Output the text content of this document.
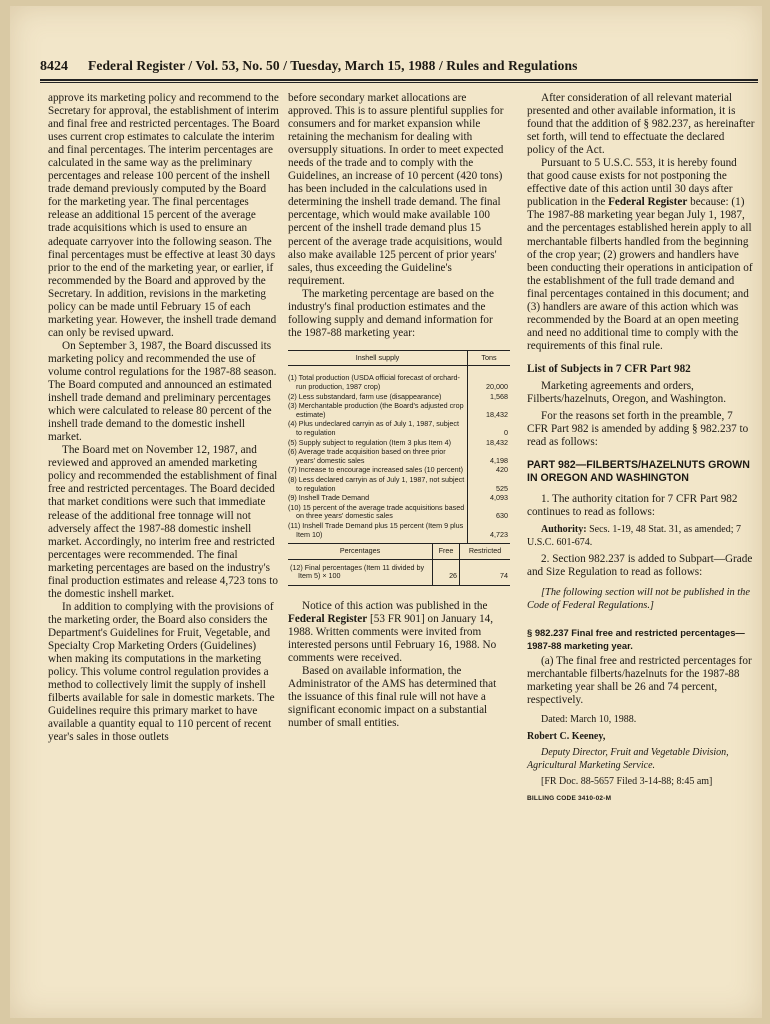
8424 Federal Register / Vol. 53, No. 50 / Tuesday, March 15, 1988 / Rules and Regulations

approve its marketing policy and recommend to the Secretary for approval, the establishment of interim and final free and restricted percentages. The Board uses current crop estimates to calculate the interim and final percentages. The interim percentages are calculated in the same way as the preliminary percentages and release 100 percent of the inshell trade demand previously computed by the Board for the marketing year. The final percentages release an additional 15 percent of the average trade acquisitions which is used to ensure an adequate carryover into the following season. The final percentages must be effective at least 30 days prior to the end of the marketing year, or earlier, if recommended by the Board and approved by the Secretary. In addition, revisions in the marketing policy can be made until February 15 of each marketing year. However, the inshell trade demand can only be revised upward.

On September 3, 1987, the Board discussed its marketing policy and recommended the use of volume control regulations for the 1987-88 season. The Board computed and announced an estimated inshell trade demand and preliminary percentages which were calculated to release 80 percent of the inshell trade demand to the domestic inshell market.

The Board met on November 12, 1987, and reviewed and approved an amended marketing policy and recommended the establishment of final free and restricted percentages. The Board decided that market conditions were such that immediate release of the additional free tonnage will not adversely affect the 1987-88 domestic inshell market. Accordingly, no interim free and restricted percentages were recommended. The final marketing percentages are based on the industry's final production estimates and release 4,723 tons to the domestic inshell market.

In addition to complying with the provisions of the marketing order, the Board also considers the Department's Guidelines for Fruit, Vegetable, and Specialty Crop Marketing Orders (Guidelines) when making its computations in the marketing policy. This volume control regulation provides a method to collectively limit the supply of inshell filberts available for sale in domestic markets. The Guidelines require this primary market to have available a quantity equal to 110 percent of recent year's sales in those outlets

before secondary market allocations are approved. This is to assure plentiful supplies for consumers and for market expansion while retaining the mechanism for dealing with oversupply situations. In order to meet expected needs of the trade and to comply with the Guidelines, an increase of 10 percent (420 tons) has been included in the calculations used in determining the inshell trade demand. The final percentage, which would make available 100 percent of the inshell trade demand plus 15 percent of the average trade acquisitions, would also make available 125 percent of prior years' sales, thus exceeding the Guideline's requirement.

The marketing percentage are based on the industry's final production estimates and the following supply and demand information for the 1987-88 marketing year:

Inshell supply	Tons
(1) Total production (USDA official forecast of orchard-run production, 1987 crop)	20,000
(2) Less substandard, farm use (disappearance)	1,568
(3) Merchantable production (the Board's adjusted crop estimate)	18,432
(4) Plus undeclared carryin as of July 1, 1987, subject to regulation	0
(5) Supply subject to regulation (Item 3 plus Item 4)	18,432
(6) Average trade acquisition based on three prior years' domestic sales	4,198
(7) Increase to encourage increased sales (10 percent)	420
(8) Less declared carryin as of July 1, 1987, not subject to regulation	525
(9) Inshell Trade Demand	4,093
(10) 15 percent of the average trade acquisitions based on three years' domestic sales	630
(11) Inshell Trade Demand plus 15 percent (Item 9 plus Item 10)	4,723
Percentages	Free	Restricted
(12) Final percentages (Item 11 divided by Item 5) × 100	26	74

Notice of this action was published in the Federal Register [53 FR 901] on January 14, 1988. Written comments were invited from interested persons until February 16, 1988. No comments were received.

Based on available information, the Administrator of the AMS has determined that the issuance of this final rule will not have a significant economic impact on a substantial number of small entities.

After consideration of all relevant material presented and other available information, it is found that the addition of § 982.237, as hereinafter set forth, will tend to effectuate the declared policy of the Act.

Pursuant to 5 U.S.C. 553, it is hereby found that good cause exists for not postponing the effective date of this action until 30 days after publication in the Federal Register because: (1) The 1987-88 marketing year began July 1, 1987, and the percentages established herein apply to all merchantable filberts handled from the beginning of the crop year; (2) growers and handlers have been conducting their operations in anticipation of the establishment of the full trade demand and final percentages contained in this document; and (3) handlers are aware of this action which was recommended by the Board at an open meeting and need no additional time to comply with the requirements of this final rule.

List of Subjects in 7 CFR Part 982

Marketing agreements and orders, Filberts/hazelnuts, Oregon, and Washington.

For the reasons set forth in the preamble, 7 CFR Part 982 is amended by adding § 982.237 to read as follows:

PART 982—FILBERTS/HAZELNUTS GROWN IN OREGON AND WASHINGTON

1. The authority citation for 7 CFR Part 982 continues to read as follows:

Authority: Secs. 1-19, 48 Stat. 31, as amended; 7 U.S.C. 601-674.

2. Section 982.237 is added to Subpart—Grade and Size Regulation to read as follows:

[The following section will not be published in the Code of Federal Regulations.]

§ 982.237 Final free and restricted percentages—1987-88 marketing year.

(a) The final free and restricted percentages for merchantable filberts/hazelnuts for the 1987-88 marketing year shall be 26 and 74 percent, respectively.

Dated: March 10, 1988.

Robert C. Keeney,

Deputy Director, Fruit and Vegetable Division, Agricultural Marketing Service.

[FR Doc. 88-5657 Filed 3-14-88; 8:45 am]

BILLING CODE 3410-02-M
